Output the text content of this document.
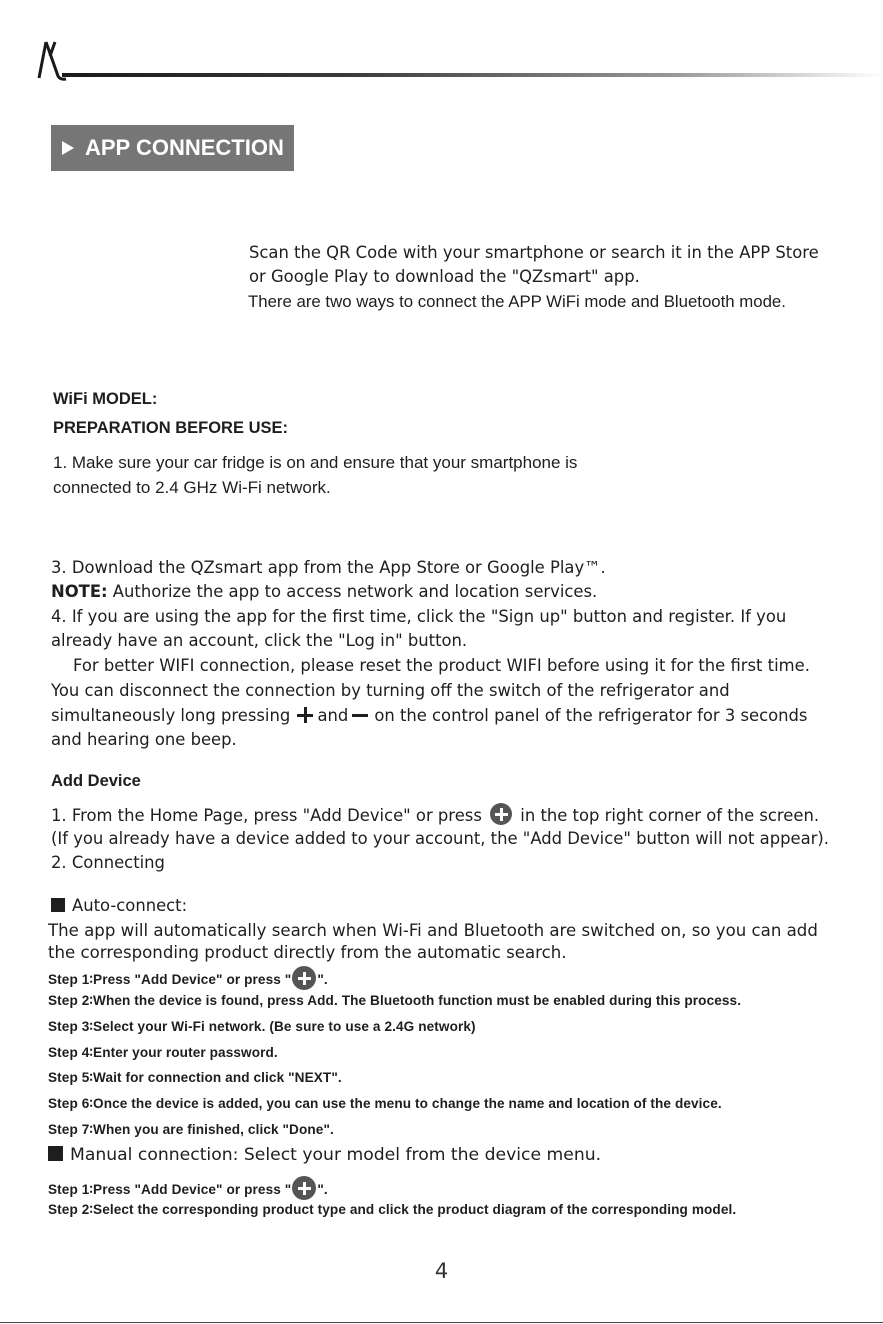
APP CONNECTION
Scan the QR Code with your smartphone or search it in the APP Store
or Google Play to download the "QZsmart" app.
There are two ways to connect the APP WiFi mode and Bluetooth mode.
WiFi MODEL:
PREPARATION BEFORE USE:
1. Make sure your car fridge is on and ensure that your smartphone is
connected to 2.4 GHz Wi-Fi network.
3. Download the QZsmart app from the App Store or Google Play™.
NOTE: Authorize the app to access network and location services.
4. If you are using the app for the first time, click the "Sign up" button and register. If you
already have an account, click the "Log in" button.
For better WIFI connection, please reset the product WIFI before using it for the first time.
You can disconnect the connection by turning off the switch of the refrigerator and
simultaneously long pressing and on the control panel of the refrigerator for 3 seconds
and hearing one beep.
Add Device
1. From the Home Page, press "Add Device" or press in the top right corner of the screen.
(If you already have a device added to your account, the "Add Device" button will not appear).
2. Connecting
Auto-connect:
The app will automatically search when Wi-Fi and Bluetooth are switched on, so you can add
the corresponding product directly from the automatic search.
Step 1∶Press "Add Device" or press " ".
Step 2∶When the device is found, press Add. The Bluetooth function must be enabled during this process.
Step 3∶Select your Wi-Fi network. (Be sure to use a 2.4G network)
Step 4∶Enter your router password.
Step 5∶Wait for connection and click "NEXT".
Step 6∶Once the device is added, you can use the menu to change the name and location of the device.
Step 7∶When you are finished, click "Done".
Manual connection: Select your model from the device menu.
Step 1∶Press "Add Device" or press " ".
Step 2∶Select the corresponding product type and click the product diagram of the corresponding model.
4
